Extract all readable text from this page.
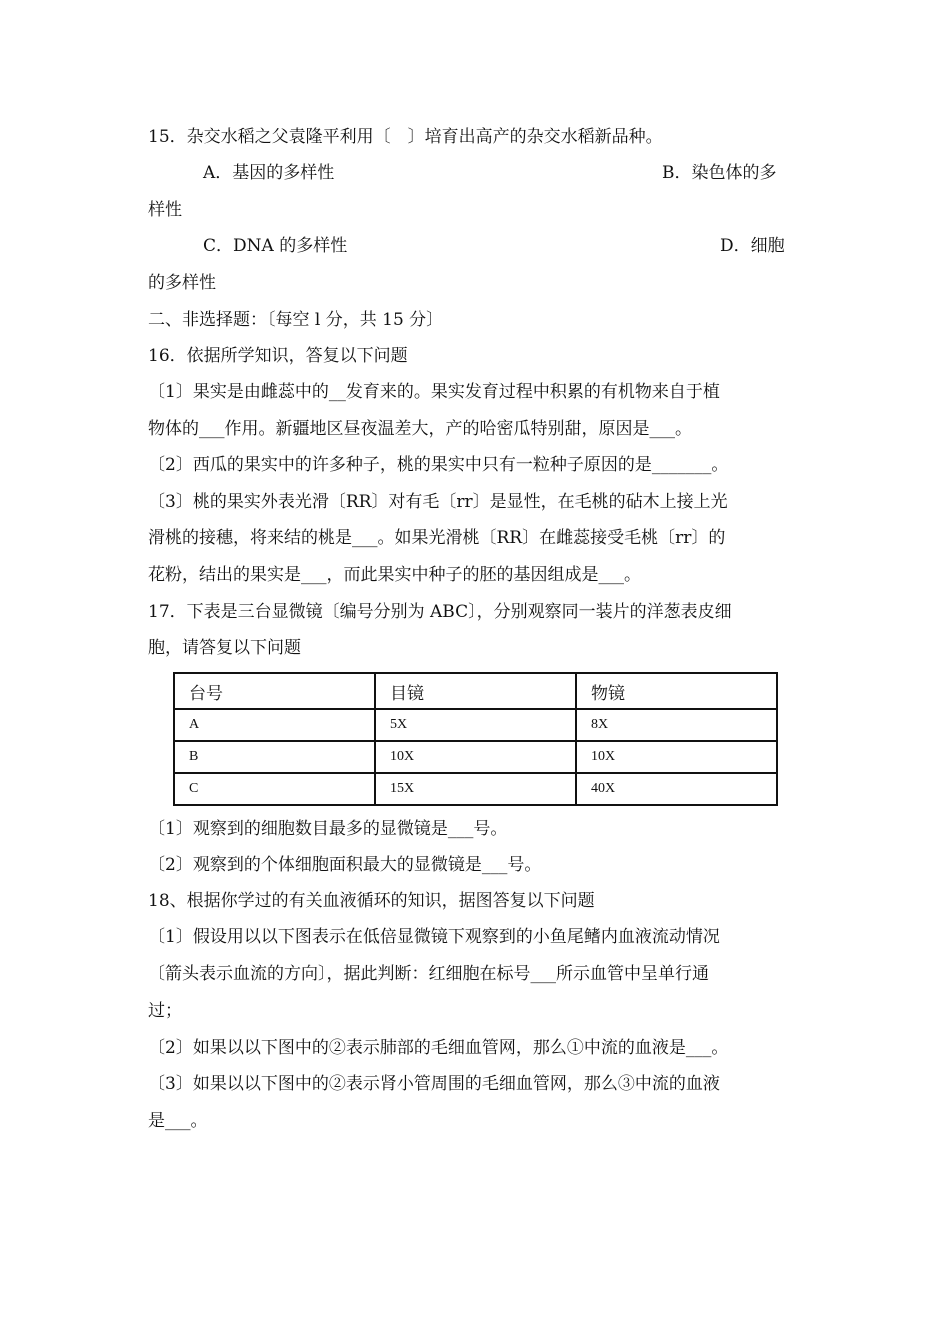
15．杂交水稻之父袁隆平利用〔　〕培育出高产的杂交水稻新品种。
A．基因的多样性	B．染色体的多
样性
C．DNA 的多样性	D．细胞
的多样性
二、非选择题：〔每空 l 分，共 15 分〕
16．依据所学知识，答复以下问题
〔1〕果实是由雌蕊中的__发育来的。果实发育过程中积累的有机物来自于植
物体的___作用。新疆地区昼夜温差大，产的哈密瓜特别甜，原因是___。
〔2〕西瓜的果实中的许多种子，桃的果实中只有一粒种子原因的是_______。
〔3〕桃的果实外表光滑〔RR〕对有毛〔rr〕是显性，在毛桃的砧木上接上光
滑桃的接穗，将来结的桃是___。如果光滑桃〔RR〕在雌蕊接受毛桃〔rr〕的
花粉，结出的果实是___，而此果实中种子的胚的基因组成是___。
17．下表是三台显微镜〔编号分别为 ABC〕，分别观察同一装片的洋葱表皮细
胞，请答复以下问题
台号	目镜	物镜
A	5X	8X
B	10X	10X
C	15X	40X
〔1〕观察到的细胞数目最多的显微镜是___号。
〔2〕观察到的个体细胞面积最大的显微镜是___号。
18、根据你学过的有关血液循环的知识，据图答复以下问题
〔1〕假设用以以下图表示在低倍显微镜下观察到的小鱼尾鳍内血液流动情况
〔箭头表示血流的方向〕，据此判断：红细胞在标号___所示血管中呈单行通
过；
〔2〕如果以以下图中的②表示肺部的毛细血管网，那么①中流的血液是___。
〔3〕如果以以下图中的②表示肾小管周围的毛细血管网，那么③中流的血液
是___。
